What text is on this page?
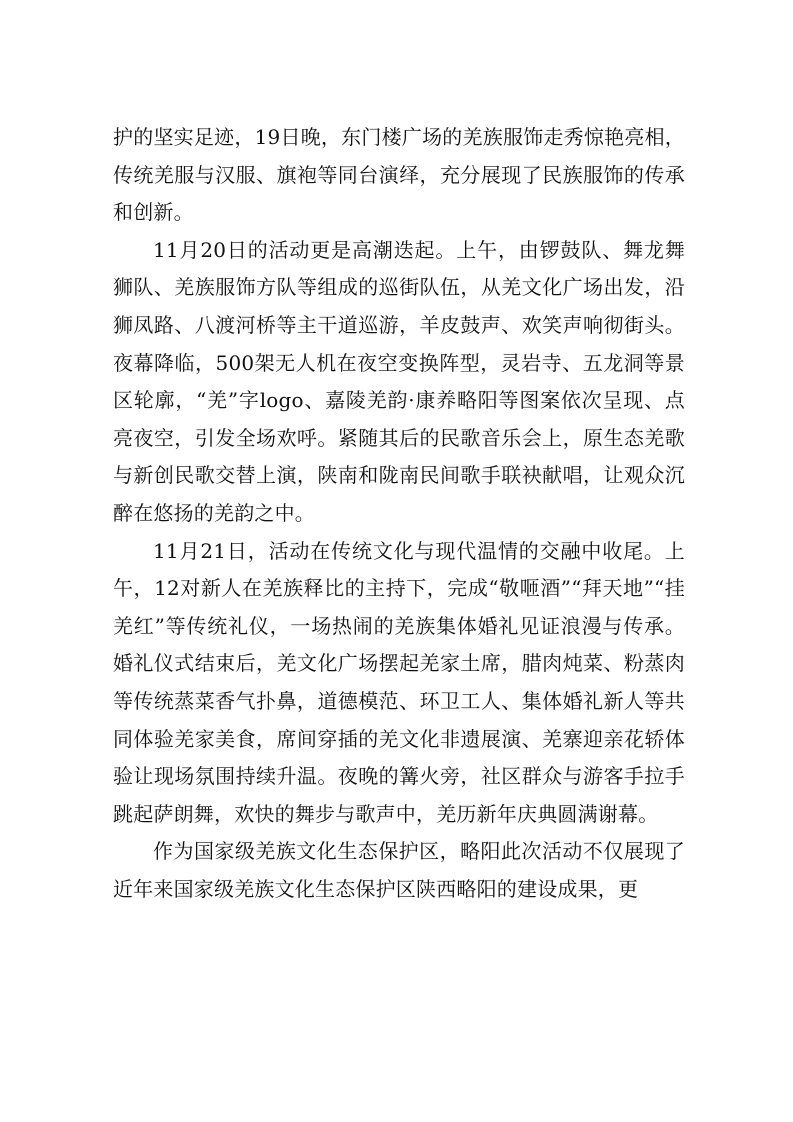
护的坚实足迹，19日晚，东门楼广场的羌族服饰走秀惊艳亮相，传统羌服与汉服、旗袍等同台演绎，充分展现了民族服饰的传承和创新。

11月20日的活动更是高潮迭起。上午，由锣鼓队、舞龙舞狮队、羌族服饰方队等组成的巡街队伍，从羌文化广场出发，沿狮凤路、八渡河桥等主干道巡游，羊皮鼓声、欢笑声响彻街头。夜幕降临，500架无人机在夜空变换阵型，灵岩寺、五龙洞等景区轮廓，“羌”字logo、嘉陵羌韵·康养略阳等图案依次呈现、点亮夜空，引发全场欢呼。紧随其后的民歌音乐会上，原生态羌歌与新创民歌交替上演，陕南和陇南民间歌手联袂献唱，让观众沉醉在悠扬的羌韵之中。

11月21日，活动在传统文化与现代温情的交融中收尾。上午，12对新人在羌族释比的主持下，完成“敬咂酒”“拜天地”“挂羌红”等传统礼仪，一场热闹的羌族集体婚礼见证浪漫与传承。婚礼仪式结束后，羌文化广场摆起羌家土席，腊肉炖菜、粉蒸肉等传统蒸菜香气扑鼻，道德模范、环卫工人、集体婚礼新人等共同体验羌家美食，席间穿插的羌文化非遗展演、羌寨迎亲花轿体验让现场氛围持续升温。夜晚的篝火旁，社区群众与游客手拉手跳起萨朗舞，欢快的舞步与歌声中，羌历新年庆典圆满谢幕。

作为国家级羌族文化生态保护区，略阳此次活动不仅展现了近年来国家级羌族文化生态保护区陕西略阳的建设成果，更
